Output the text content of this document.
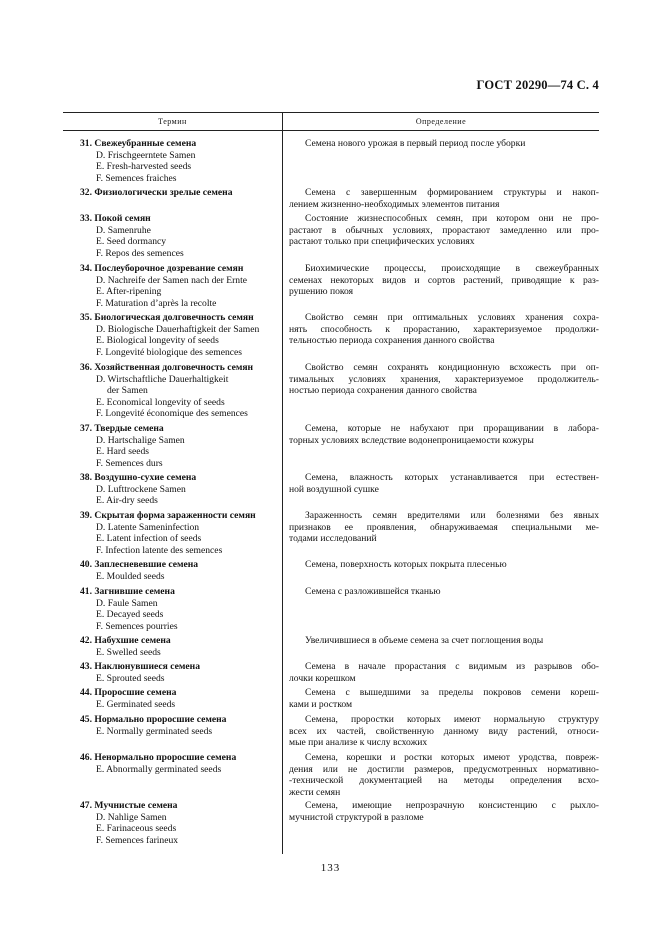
ГОСТ 20290—74 С. 4
Термин	Определение
31. Свежеубранные семена
D. Frischgeerntete Samen
E. Fresh-harvested seeds
F. Semences fraiches
Семена нового урожая в первый период после уборки
32. Физиологически зрелые семена	Семена с завершенным формированием структуры и накоп-
лением жизненно-необходимых элементов питания
33. Покой семян
D. Samenruhe
E. Seed dormancy
F. Repos des semences
Состояние жизнеспособных семян, при котором они не про-
растают в обычных условиях, прорастают замедленно или про-
растают только при специфических условиях
34. Послеуборочное дозревание семян
D. Nachreife der Samen nach der Ernte
E. After-ripening
F. Maturation d’après la recolte
Биохимические процессы, происходящие в свежеубранных
семенах некоторых видов и сортов растений, приводящие к раз-
рушению покоя
35. Биологическая долговечность семян
D. Biologische Dauerhaftigkeit der Samen
E. Biological longevity of seeds
F. Longevité biologique des semences
Свойство семян при оптимальных условиях хранения сохра-
нять способность к прорастанию, характеризуемое продолжи-
тельностью периода сохранения данного свойства
36. Хозяйственная долговечность семян
D. Wirtschaftliche Dauerhaltigkeit
der Samen
E. Economical longevity of seeds
F. Longevité économique des semences
Свойство семян сохранять кондиционную всхожесть при оп-
тимальных условиях хранения, характеризуемое продолжитель-
ностью периода сохранения данного свойства
37. Твердые семена
D. Hartschalige Samen
E. Hard seeds
F. Semences durs
Семена, которые не набухают при проращивании в лабора-
торных условиях вследствие водонепроницаемости кожуры
38. Воздушно-сухие семена
D. Lufttrockene Samen
E. Air-dry seeds
Семена, влажность которых устанавливается при естествен-
ной воздушной сушке
39. Скрытая форма зараженности семян
D. Latente Sameninfection
E. Latent infection of seeds
F. Infection latente des semences
Зараженность семян вредителями или болезнями без явных
признаков ее проявления, обнаруживаемая специальными ме-
тодами исследований
40. Заплесневевшие семена
E. Moulded seeds
Семена, поверхность которых покрыта плесенью
41. Загнившие семена
D. Faule Samen
E. Decayed seeds
F. Semences pourries
Семена с разложившейся тканью
42. Набухшие семена
E. Swelled seeds
Увеличившиеся в объеме семена за счет поглощения воды
43. Наклюнувшиеся семена
E. Sprouted seeds
Семена в начале прорастания с видимым из разрывов обо-
лочки корешком
44. Проросшие семена
E. Germinated seeds
Семена с вышедшими за пределы покровов семени кореш-
ками и ростком
45. Нормально проросшие семена
E. Normally germinated seeds
Семена, проростки которых имеют нормальную структуру
всех их частей, свойственную данному виду растений, относи-
мые при анализе к числу всхожих
46. Ненормально проросшие семена
E. Abnormally germinated seeds
Семена, корешки и ростки которых имеют уродства, повреж-
дения или не достигли размеров, предусмотренных нормативно-
-технической документацией на методы определения всхо-
жести семян
47. Мучнистые семена
D. Nahlige Samen
E. Farinaceous seeds
F. Semences farineux
Семена, имеющие непрозрачную консистенцию с рыхло-
мучнистой структурой в разломе
133
